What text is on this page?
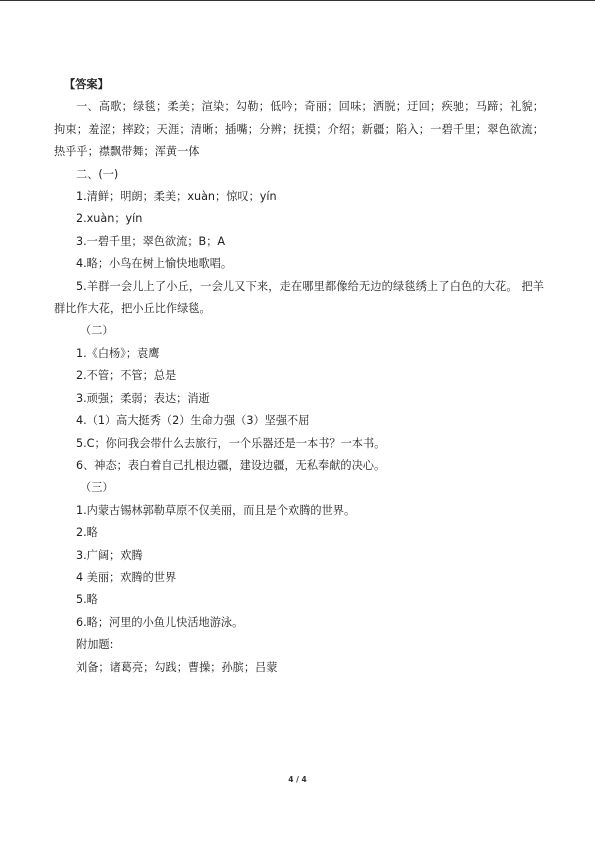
【答案】
一、高歌；绿毯；柔美；渲染；勾勒；低吟；奇丽；回味；洒脱；迂回；疾驰；马蹄；礼貌；拘束；羞涩；摔跤；天涯；清晰；插嘴；分辨；抚摸；介绍；新疆；陷入；一碧千里；翠色欲流；热乎乎；襟飘带舞；浑黄一体
二、(一)
1.清鲜；明朗；柔美；xuàn；惊叹；yín
2.xuàn；yín
3.一碧千里；翠色欲流；B；A
4.略；小鸟在树上愉快地歌唱。
5.羊群一会儿上了小丘，一会儿又下来，走在哪里都像给无边的绿毯绣上了白色的大花。 把羊群比作大花，把小丘比作绿毯。
（二）
1.《白杨》；袁鹰
2.不管；不管；总是
3.顽强；柔弱；表达；消逝
4.（1）高大挺秀（2）生命力强（3）坚强不屈
5.C；你问我会带什么去旅行，一个乐器还是一本书？一本书。
6、神态；表白着自己扎根边疆，建设边疆，无私奉献的决心。
（三）
1.内蒙古锡林郭勒草原不仅美丽，而且是个欢腾的世界。
2.略
3.广阔；欢腾
4 美丽；欢腾的世界
5.略
6.略；河里的小鱼儿快活地游泳。
附加题:
刘备；诸葛亮；勾践；曹操；孙膑；吕蒙
4 / 4
